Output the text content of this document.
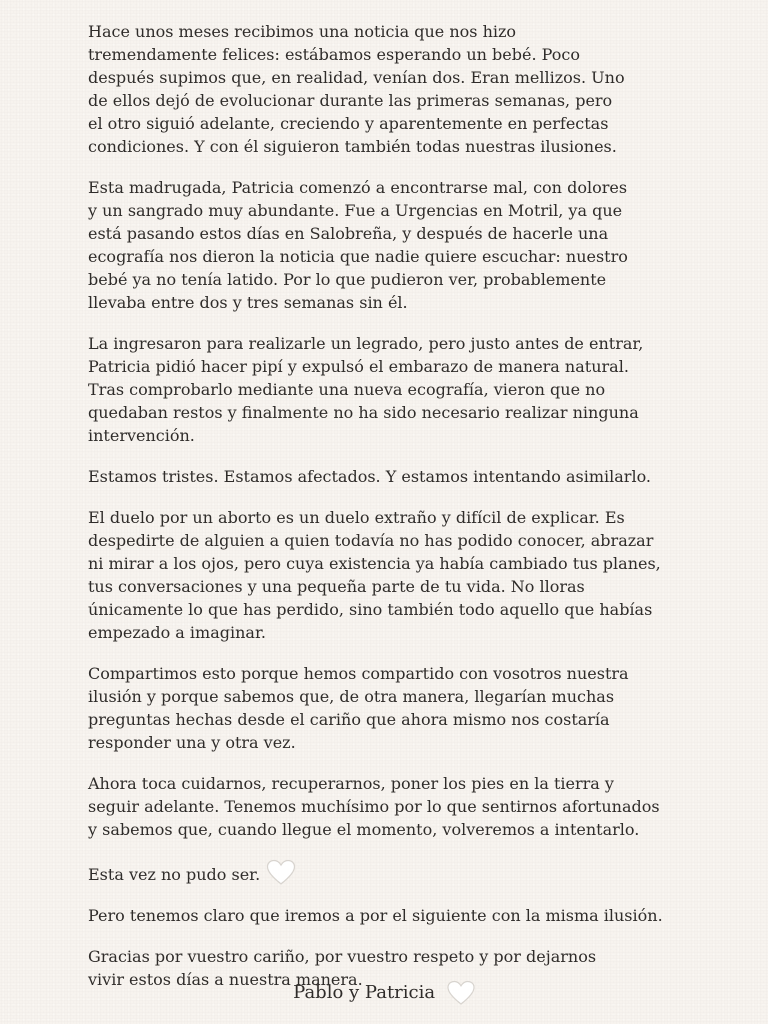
Hace unos meses recibimos una noticia que nos hizo
tremendamente felices: estábamos esperando un bebé. Poco
después supimos que, en realidad, venían dos. Eran mellizos. Uno
de ellos dejó de evolucionar durante las primeras semanas, pero
el otro siguió adelante, creciendo y aparentemente en perfectas
condiciones. Y con él siguieron también todas nuestras ilusiones.

Esta madrugada, Patricia comenzó a encontrarse mal, con dolores
y un sangrado muy abundante. Fue a Urgencias en Motril, ya que
está pasando estos días en Salobreña, y después de hacerle una
ecografía nos dieron la noticia que nadie quiere escuchar: nuestro
bebé ya no tenía latido. Por lo que pudieron ver, probablemente
llevaba entre dos y tres semanas sin él.

La ingresaron para realizarle un legrado, pero justo antes de entrar,
Patricia pidió hacer pipí y expulsó el embarazo de manera natural.
Tras comprobarlo mediante una nueva ecografía, vieron que no
quedaban restos y finalmente no ha sido necesario realizar ninguna
intervención.

Estamos tristes. Estamos afectados. Y estamos intentando asimilarlo.

El duelo por un aborto es un duelo extraño y difícil de explicar. Es
despedirte de alguien a quien todavía no has podido conocer, abrazar
ni mirar a los ojos, pero cuya existencia ya había cambiado tus planes,
tus conversaciones y una pequeña parte de tu vida. No lloras
únicamente lo que has perdido, sino también todo aquello que habías
empezado a imaginar.

Compartimos esto porque hemos compartido con vosotros nuestra
ilusión y porque sabemos que, de otra manera, llegarían muchas
preguntas hechas desde el cariño que ahora mismo nos costaría
responder una y otra vez.

Ahora toca cuidarnos, recuperarnos, poner los pies en la tierra y
seguir adelante. Tenemos muchísimo por lo que sentirnos afortunados
y sabemos que, cuando llegue el momento, volveremos a intentarlo.

Esta vez no pudo ser.

Pero tenemos claro que iremos a por el siguiente con la misma ilusión.

Gracias por vuestro cariño, por vuestro respeto y por dejarnos
vivir estos días a nuestra manera.

Pablo y Patricia
